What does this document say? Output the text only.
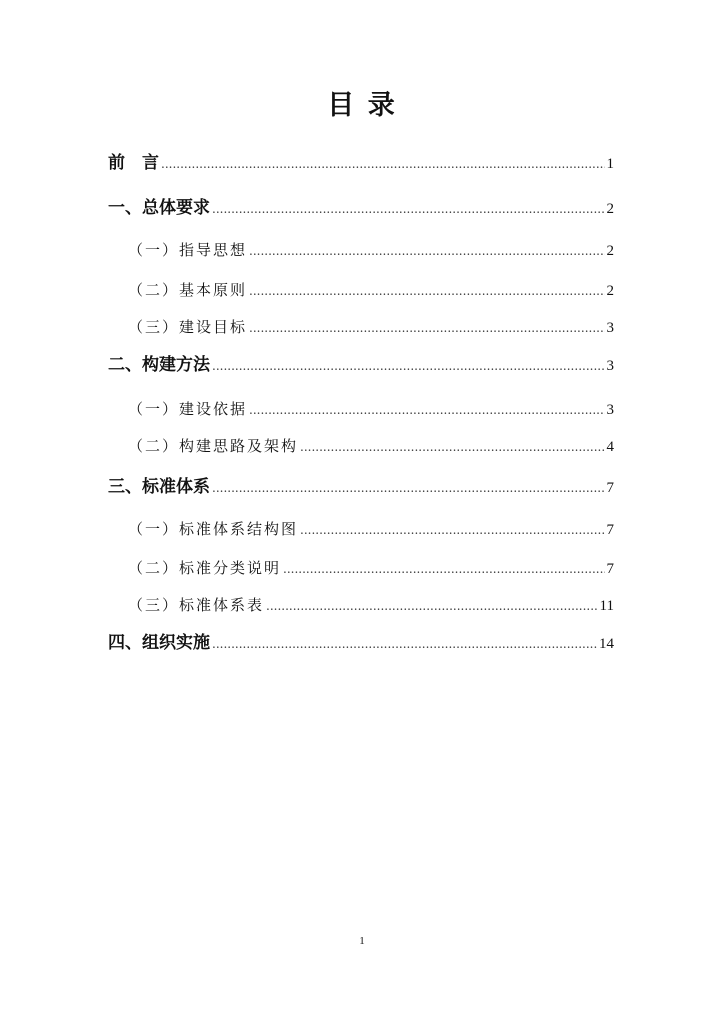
目 录
前　言 .....	1
一、总体要求 .....	2
（一）指导思想 .....	2
（二）基本原则 .....	2
（三）建设目标 .....	3
二、构建方法 .....	3
（一）建设依据 .....	3
（二）构建思路及架构 .....	4
三、标准体系 .....	7
（一）标准体系结构图 .....	7
（二）标准分类说明 .....	7
（三）标准体系表 .....	11
四、组织实施 .....	14
1
